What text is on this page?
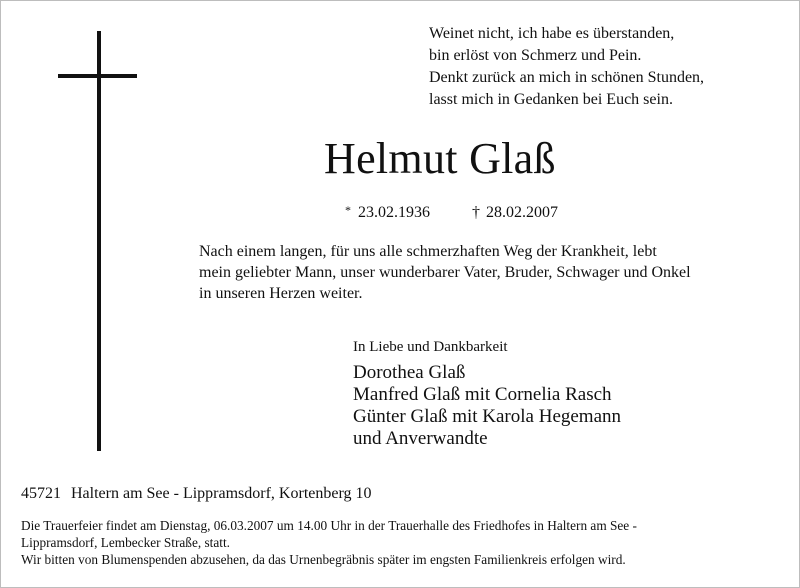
Weinet nicht, ich habe es überstanden,
bin erlöst von Schmerz und Pein.
Denkt zurück an mich in schönen Stunden,
lasst mich in Gedanken bei Euch sein.
Helmut Glaß
* 23.02.1936	† 28.02.2007
Nach einem langen, für uns alle schmerzhaften Weg der Krankheit, lebt
mein geliebter Mann, unser wunderbarer Vater, Bruder, Schwager und Onkel
in unseren Herzen weiter.
In Liebe und Dankbarkeit
Dorothea Glaß
Manfred Glaß mit Cornelia Rasch
Günter Glaß mit Karola Hegemann
und Anverwandte
45721 Haltern am See - Lippramsdorf, Kortenberg 10
Die Trauerfeier findet am Dienstag, 06.03.2007 um 14.00 Uhr in der Trauerhalle des Friedhofes in Haltern am See -
Lippramsdorf, Lembecker Straße, statt.
Wir bitten von Blumenspenden abzusehen, da das Urnenbegräbnis später im engsten Familienkreis erfolgen wird.
